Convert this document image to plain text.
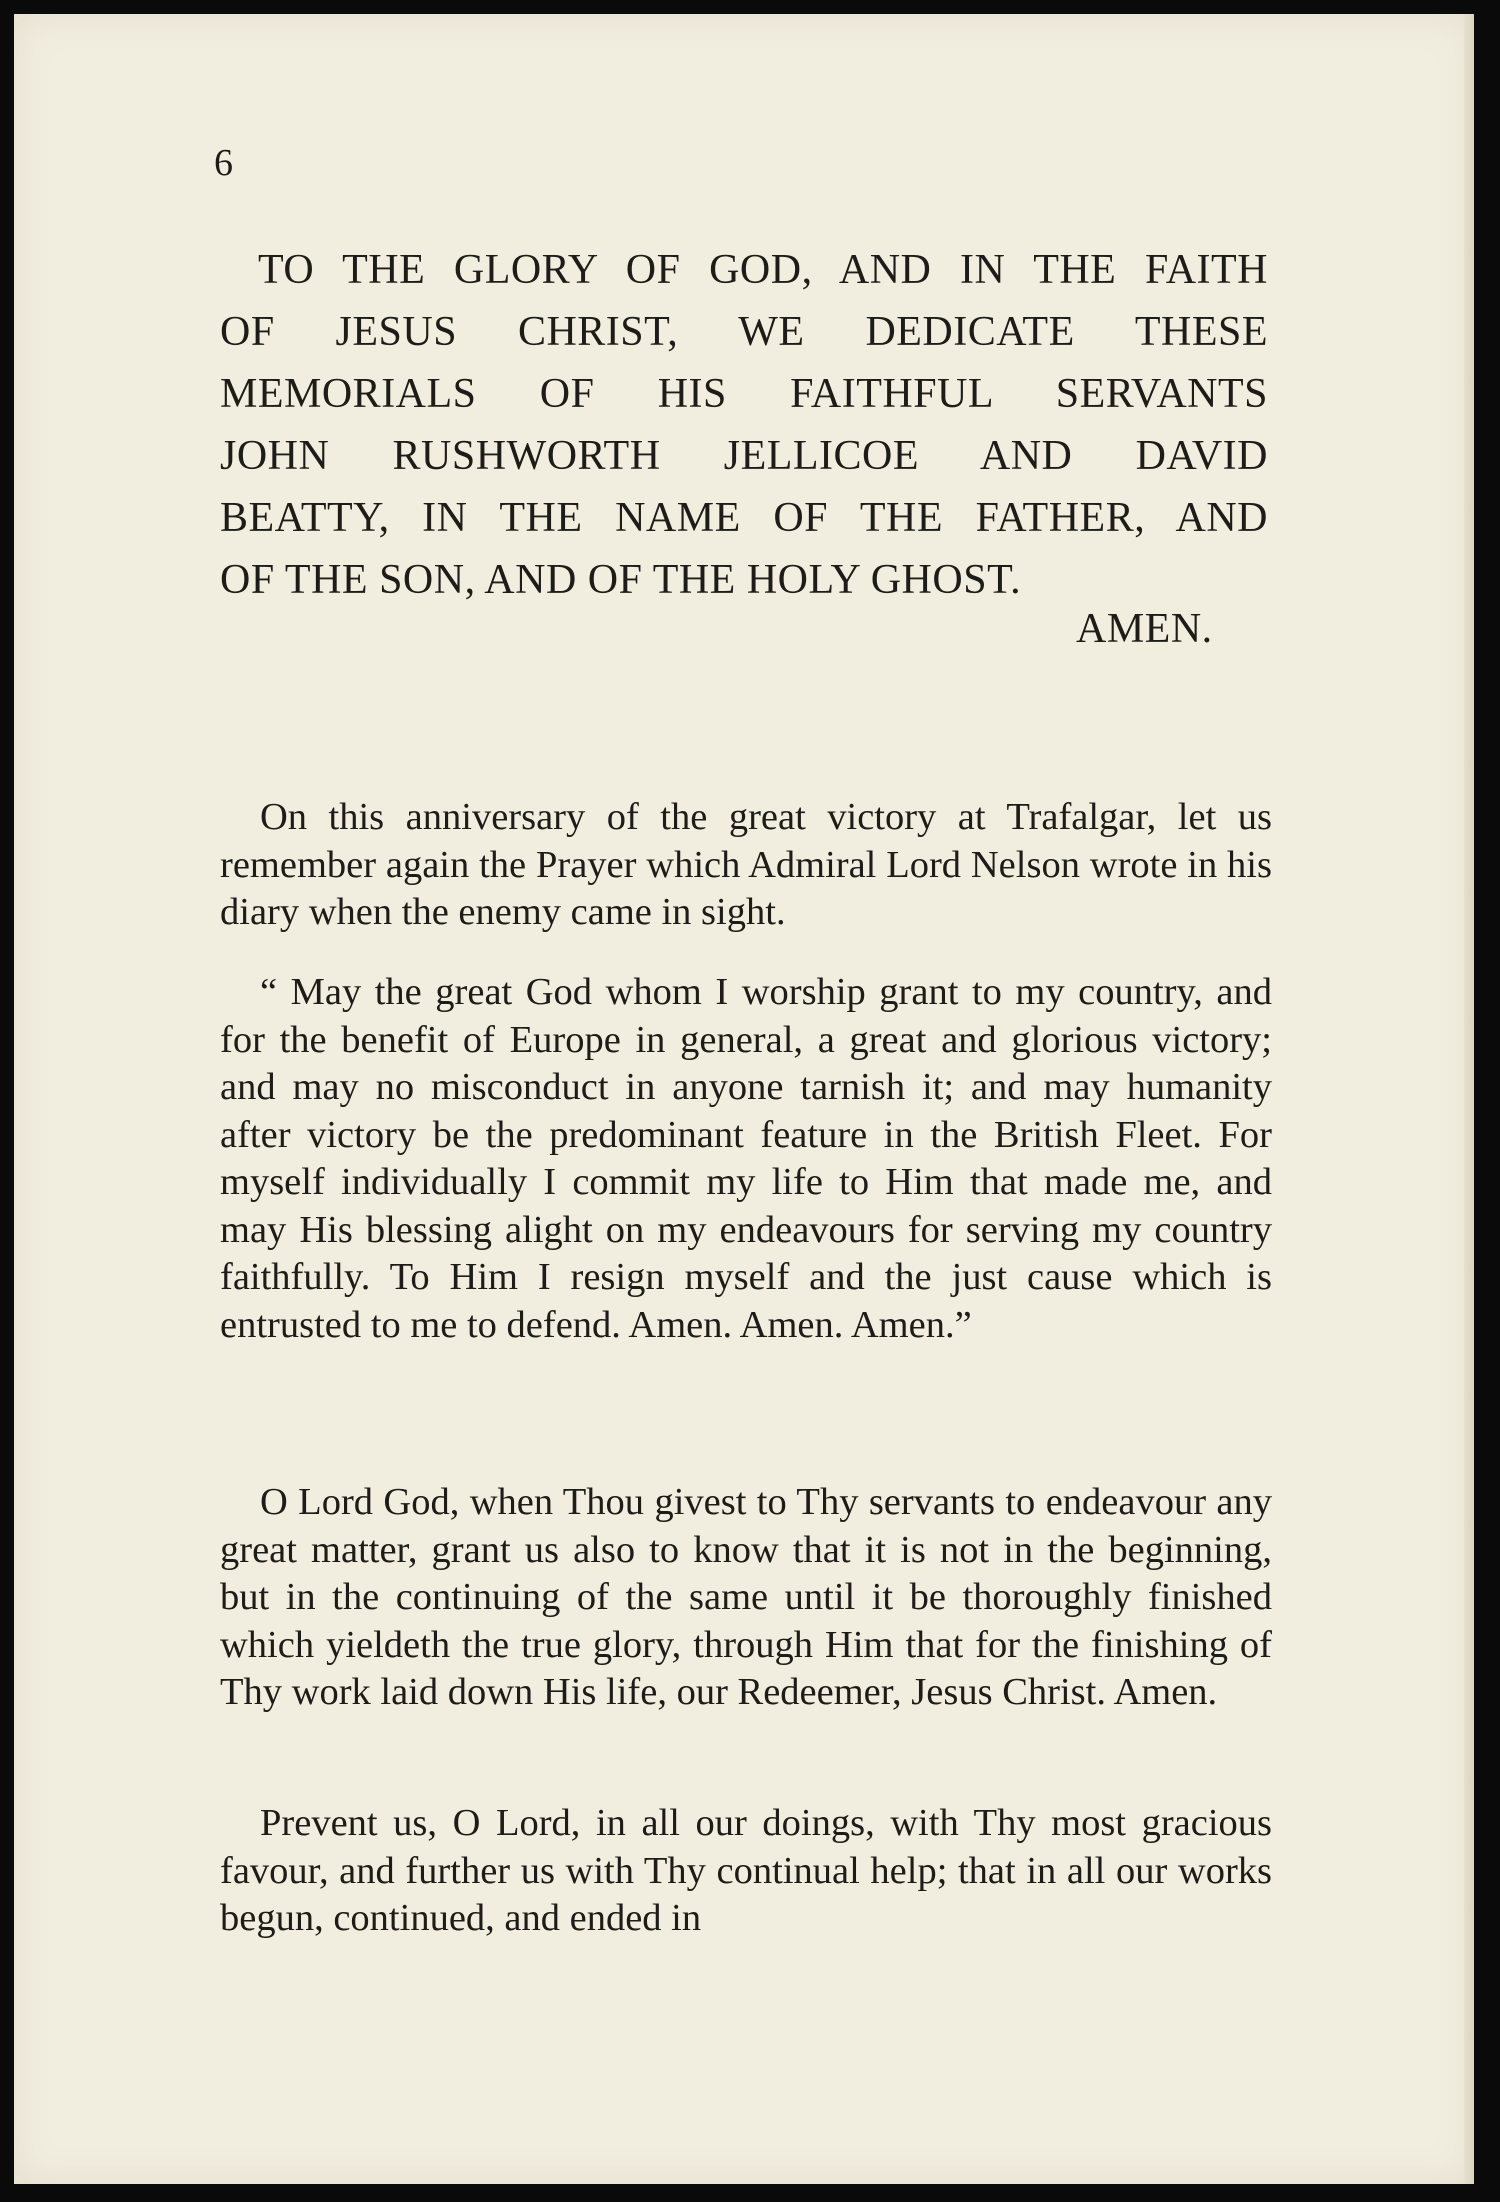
6
TO THE GLORY OF GOD, AND IN THE FAITH
OF JESUS CHRIST, WE DEDICATE THESE
MEMORIALS OF HIS FAITHFUL SERVANTS
JOHN RUSHWORTH JELLICOE AND DAVID
BEATTY, IN THE NAME OF THE FATHER, AND
OF THE SON, AND OF THE HOLY GHOST.
AMEN.

On this anniversary of the great victory at Trafalgar, let us remember again the Prayer which Admiral Lord Nelson wrote in his diary when the enemy came in sight.

“ May the great God whom I worship grant to my country, and for the benefit of Europe in general, a great and glorious victory; and may no misconduct in anyone tarnish it; and may humanity after victory be the predominant feature in the British Fleet. For myself individually I commit my life to Him that made me, and may His blessing alight on my endeavours for serving my country faithfully. To Him I resign myself and the just cause which is entrusted to me to defend. Amen. Amen. Amen.”

O Lord God, when Thou givest to Thy servants to endeavour any great matter, grant us also to know that it is not in the beginning, but in the continuing of the same until it be thoroughly finished which yieldeth the true glory, through Him that for the finishing of Thy work laid down His life, our Redeemer, Jesus Christ. Amen.

Prevent us, O Lord, in all our doings, with Thy most gracious favour, and further us with Thy continual help; that in all our works begun, continued, and ended in
